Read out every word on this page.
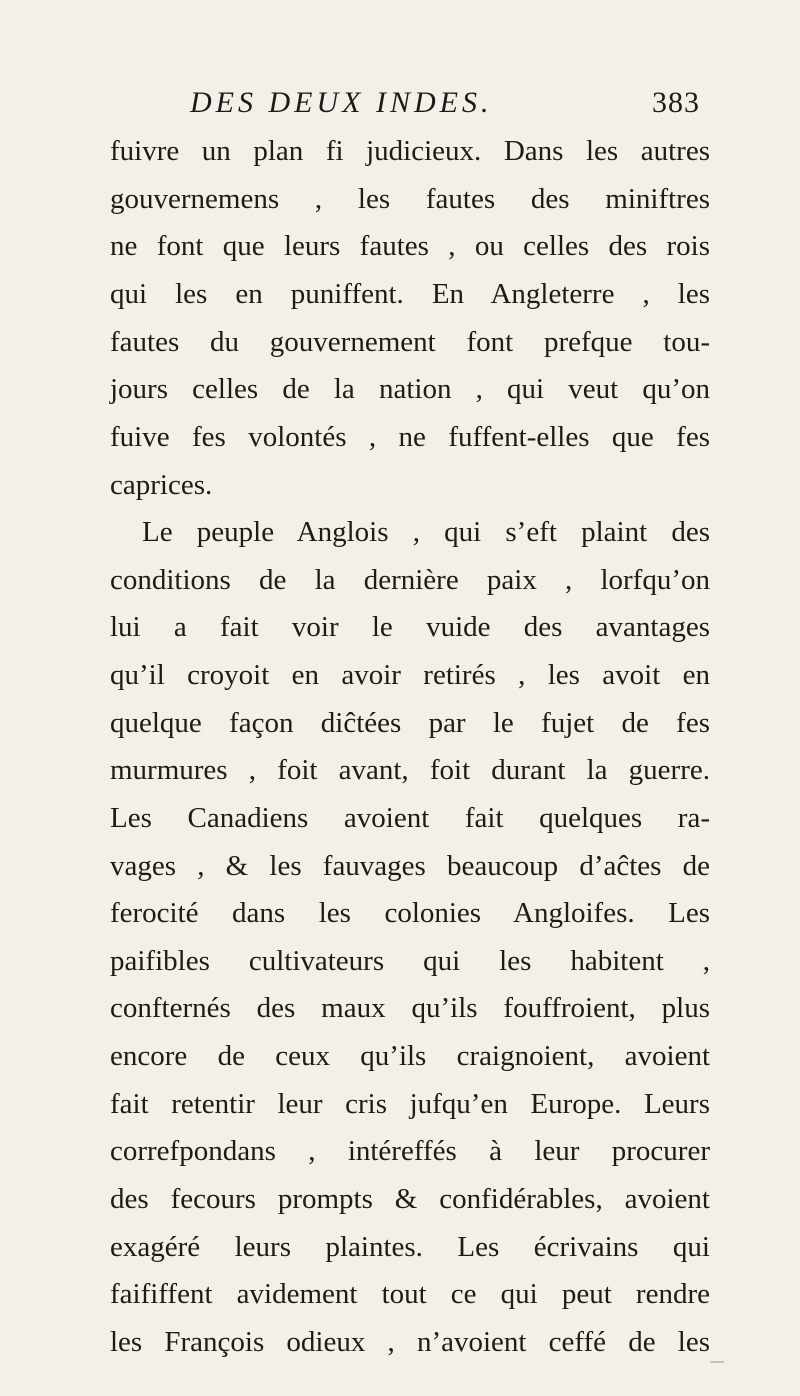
DES DEUX INDES.	383
fuivre un plan fi judicieux. Dans les autres
gouvernemens , les fautes des miniftres
ne font que leurs fautes , ou celles des rois
qui les en puniffent. En Angleterre , les
fautes du gouvernement font prefque tou-
jours celles de la nation , qui veut qu’on
fuive fes volontés , ne fuffent-elles que fes
caprices.
Le peuple Anglois , qui s’eft plaint des
conditions de la dernière paix , lorfqu’on
lui a fait voir le vuide des avantages
qu’il croyoit en avoir retirés , les avoit en
quelque façon diĉtées par le fujet de fes
murmures , foit avant, foit durant la guerre.
Les Canadiens avoient fait quelques ra-
vages , & les fauvages beaucoup d’aĉtes de
ferocité dans les colonies Angloifes. Les
paifibles cultivateurs qui les habitent ,
confternés des maux qu’ils fouffroient, plus
encore de ceux qu’ils craignoient, avoient
fait retentir leur cris jufqu’en Europe. Leurs
correfpondans , intéreffés à leur procurer
des fecours prompts & confidérables, avoient
exagéré leurs plaintes. Les écrivains qui
faififfent avidement tout ce qui peut rendre
les François odieux , n’avoient ceffé de les
